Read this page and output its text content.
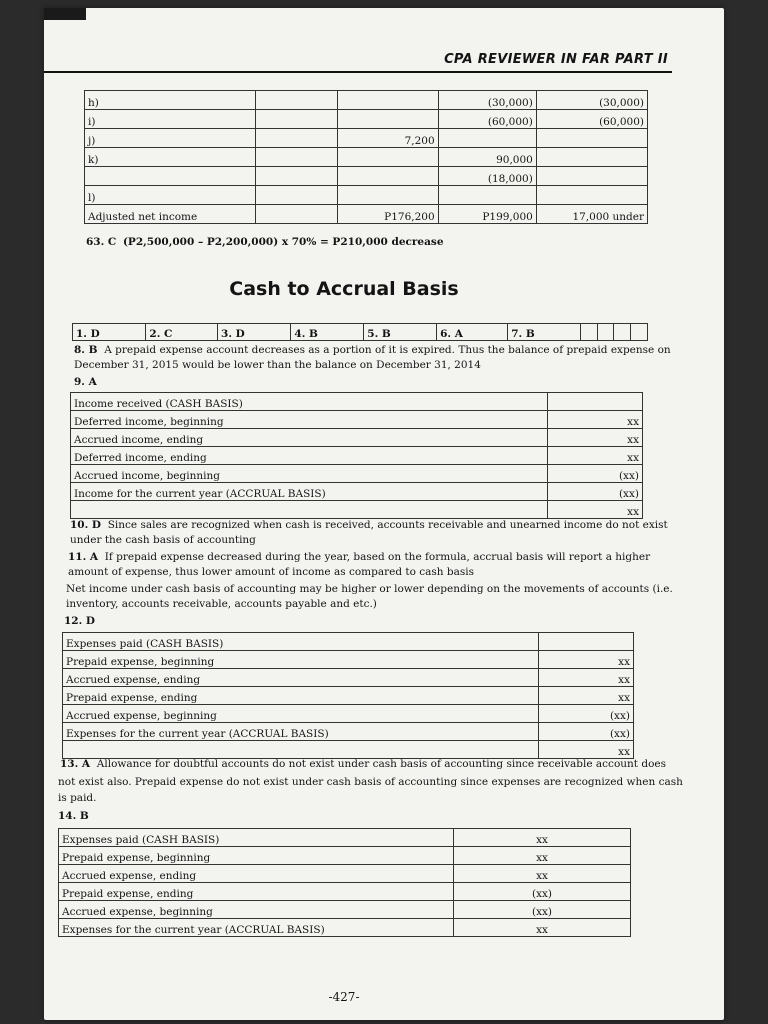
CPA REVIEWER IN FAR PART II
h)			(30,000)	(30,000)
i)			(60,000)	(60,000)
j)		7,200		
k)			90,000	
			(18,000)	
l)				
Adjusted net income		P176,200	P199,000	17,000 under
63. C (P2,500,000 – P2,200,000) x 70% = P210,000 decrease
Cash to Accrual Basis
1. D	2. C	3. D	4. B	5. B	6. A	7. B				
8. B A prepaid expense account decreases as a portion of it is expired. Thus the balance of prepaid expense on
December 31, 2015 would be lower than the balance on December 31, 2014
9. A
Income received (CASH BASIS)	
Deferred income, beginning	xx
Accrued income, ending	xx
Deferred income, ending	xx
Accrued income, beginning	(xx)
Income for the current year (ACCRUAL BASIS)	(xx)
	xx
10. D Since sales are recognized when cash is received, accounts receivable and unearned income do not exist
under the cash basis of accounting
11. A If prepaid expense decreased during the year, based on the formula, accrual basis will report a higher
amount of expense, thus lower amount of income as compared to cash basis
Net income under cash basis of accounting may be higher or lower depending on the movements of accounts (i.e.
inventory, accounts receivable, accounts payable and etc.)
12. D
Expenses paid (CASH BASIS)	
Prepaid expense, beginning	xx
Accrued expense, ending	xx
Prepaid expense, ending	xx
Accrued expense, beginning	(xx)
Expenses for the current year (ACCRUAL BASIS)	(xx)
	xx
13. A Allowance for doubtful accounts do not exist under cash basis of accounting since receivable account does
not exist also. Prepaid expense do not exist under cash basis of accounting since expenses are recognized when cash
is paid.
14. B
Expenses paid (CASH BASIS)	xx
Prepaid expense, beginning	xx
Accrued expense, ending	xx
Prepaid expense, ending	(xx)
Accrued expense, beginning	(xx)
Expenses for the current year (ACCRUAL BASIS)	xx
-427-
